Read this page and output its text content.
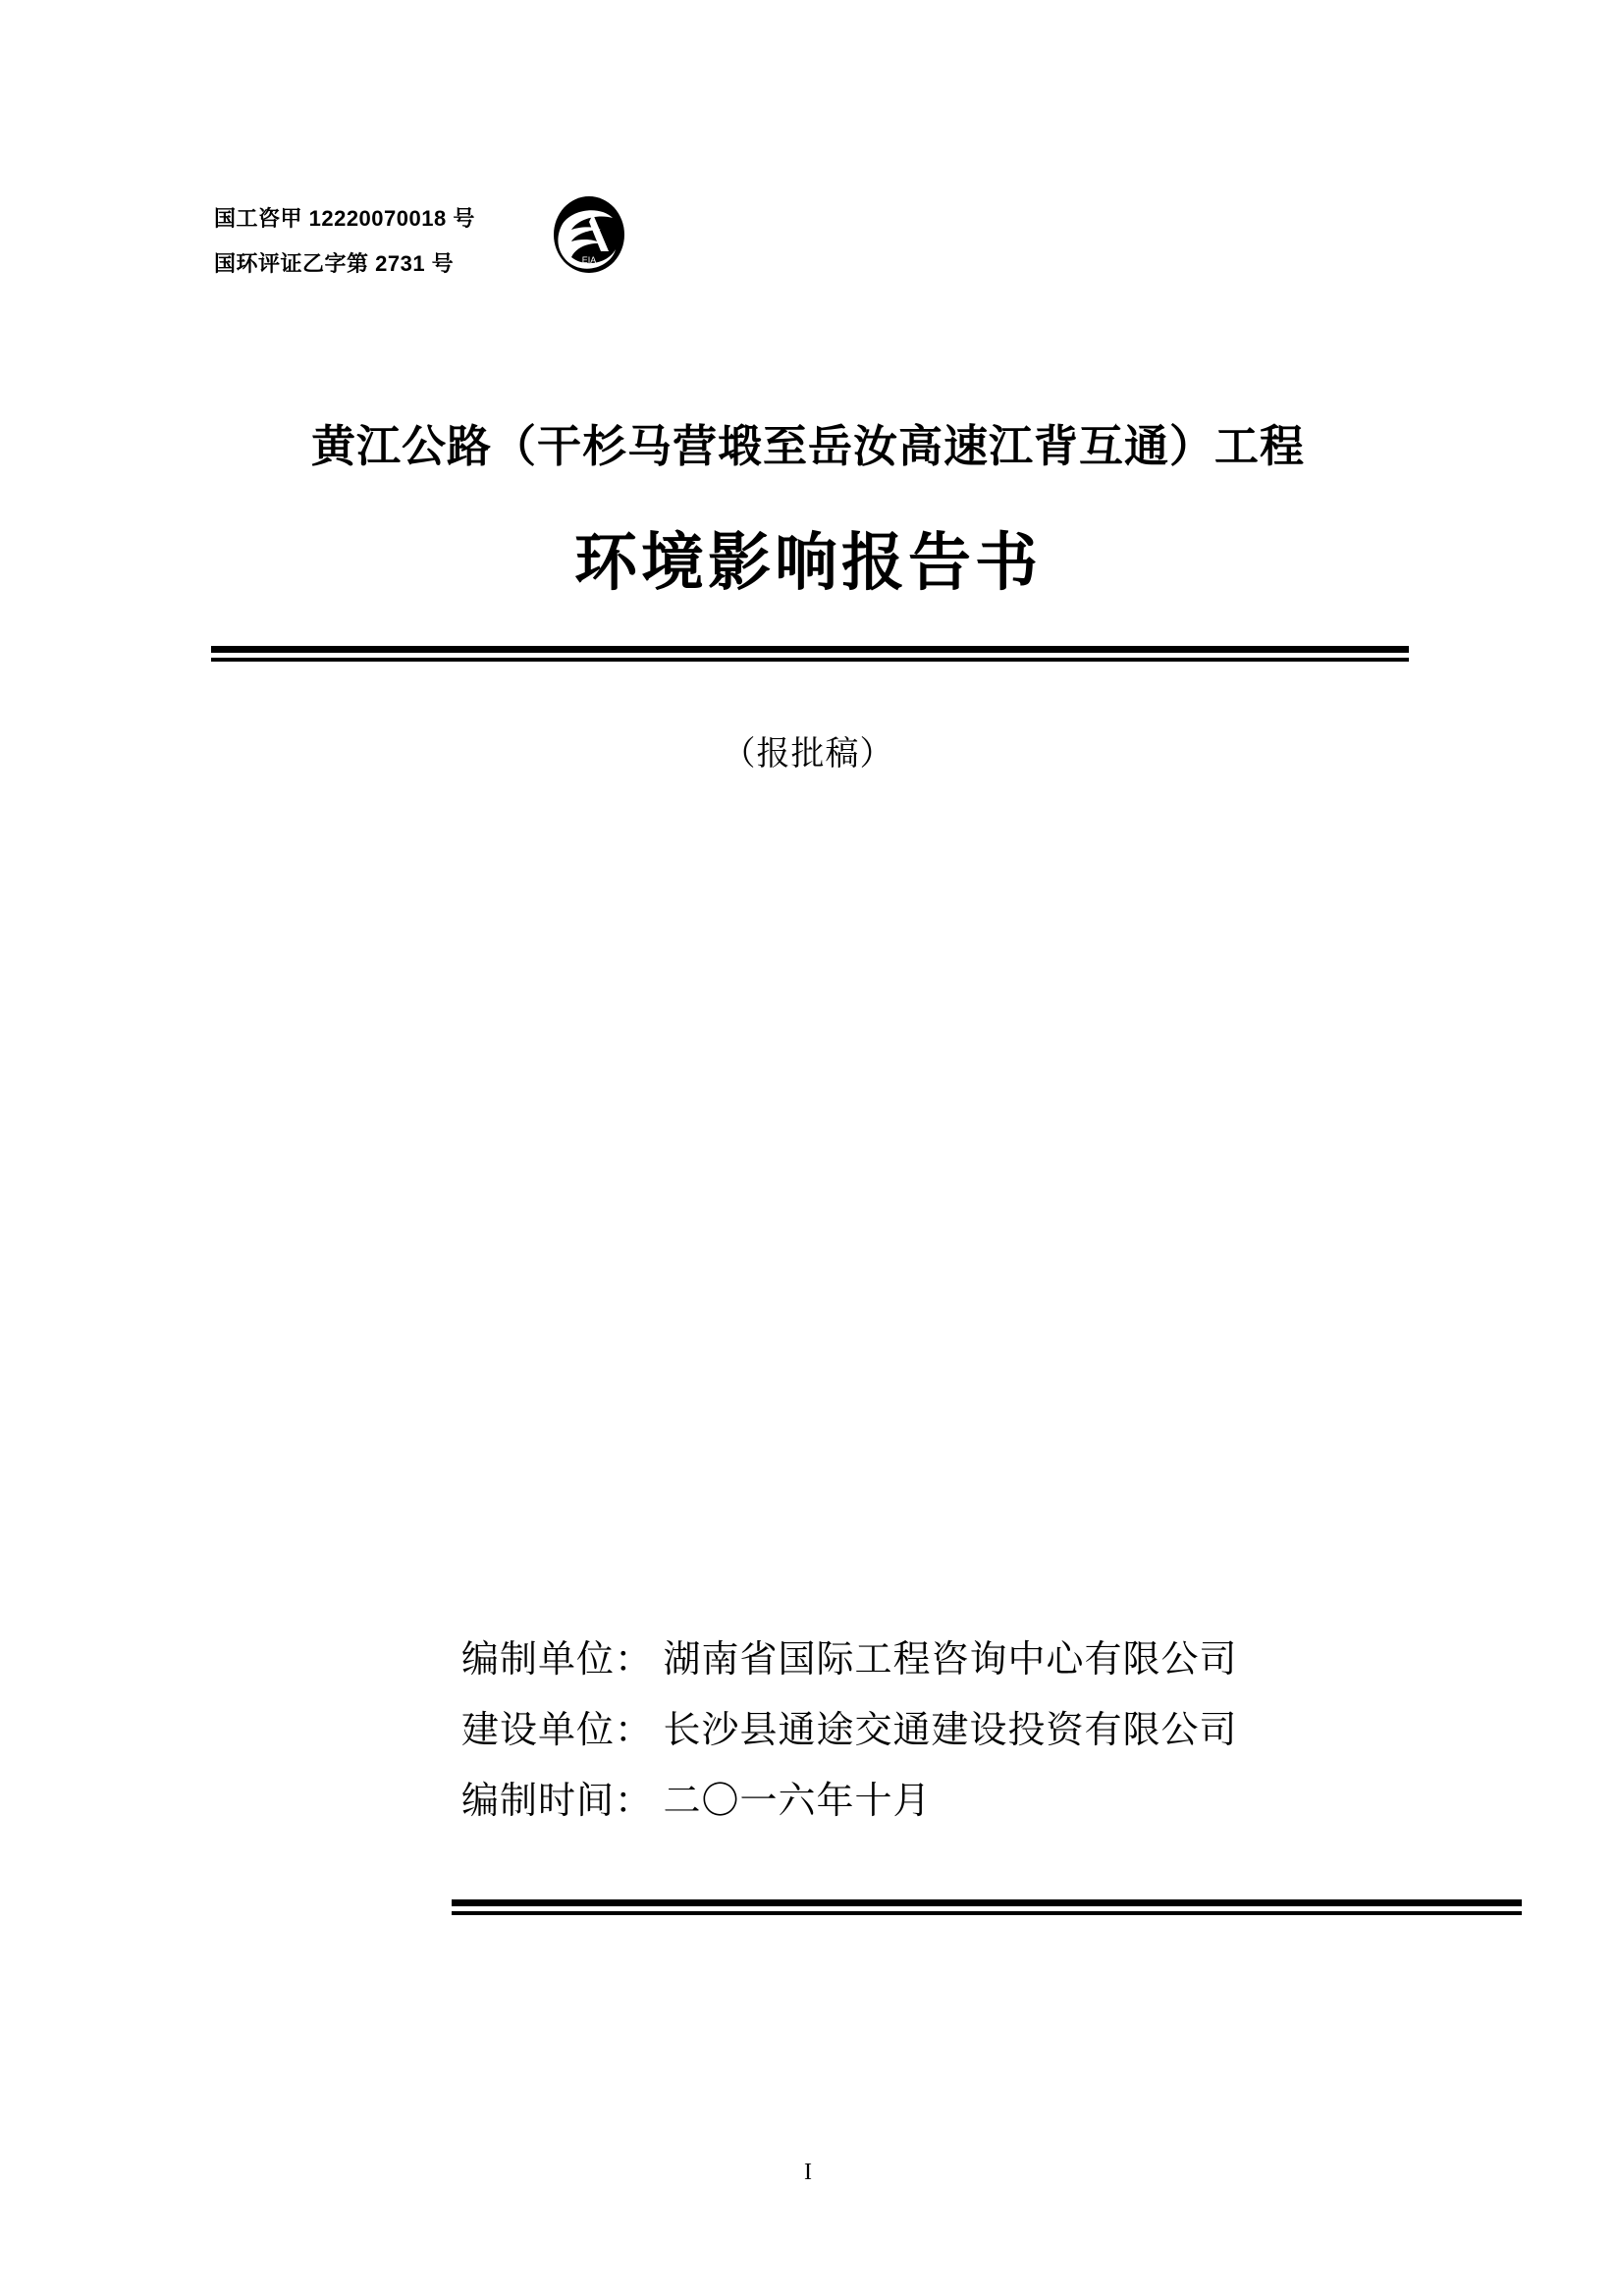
国工咨甲 12220070018 号
国环评证乙字第 2731 号	EIA
黄江公路（干杉马营塅至岳汝高速江背互通）工程
环境影响报告书
（报批稿）
编制单位： 湖南省国际工程咨询中心有限公司
建设单位： 长沙县通途交通建设投资有限公司
编制时间： 二〇一六年十月
I
